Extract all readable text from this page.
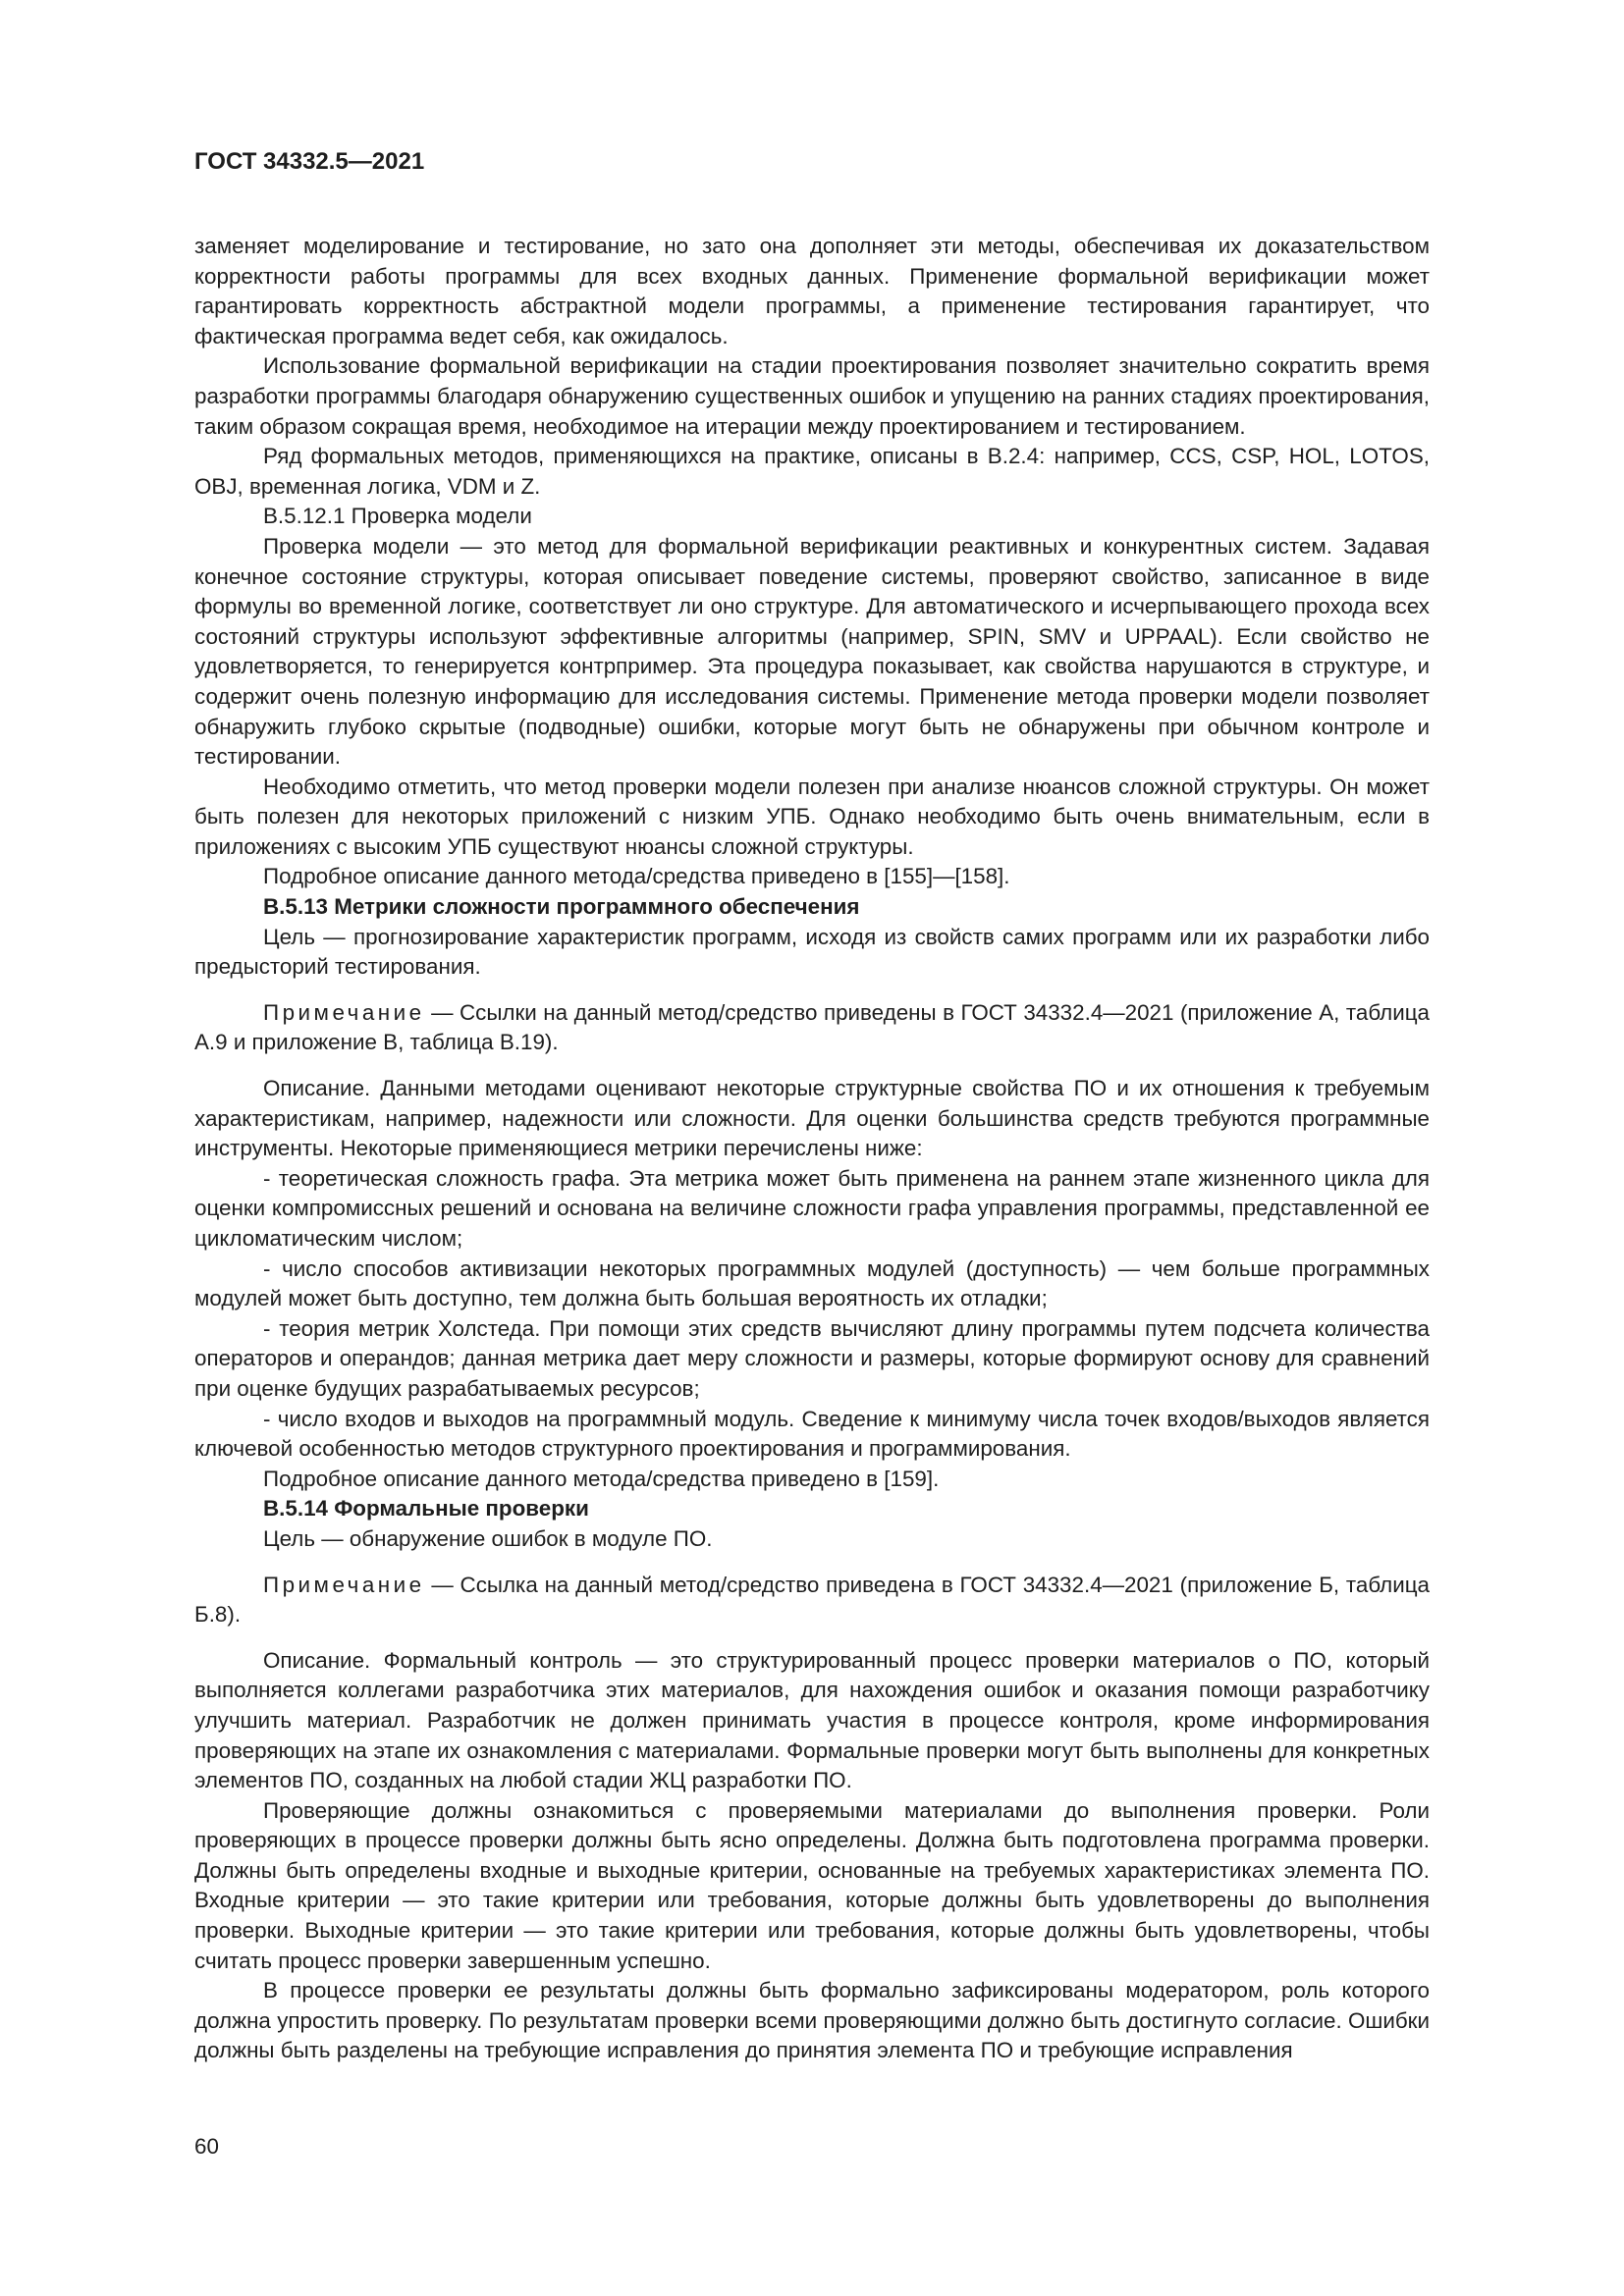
ГОСТ 34332.5—2021

заменяет моделирование и тестирование, но зато она дополняет эти методы, обеспечивая их доказательством корректности работы программы для всех входных данных. Применение формальной верификации может гарантировать корректность абстрактной модели программы, а применение тестирования гарантирует, что фактическая программа ведет себя, как ожидалось.

Использование формальной верификации на стадии проектирования позволяет значительно сократить время разработки программы благодаря обнаружению существенных ошибок и упущению на ранних стадиях проектирования, таким образом сокращая время, необходимое на итерации между проектированием и тестированием.

Ряд формальных методов, применяющихся на практике, описаны в В.2.4: например, CCS, CSP, HOL, LOTOS, OBJ, временная логика, VDM и Z.

В.5.12.1 Проверка модели

Проверка модели — это метод для формальной верификации реактивных и конкурентных систем. Задавая конечное состояние структуры, которая описывает поведение системы, проверяют свойство, записанное в виде формулы во временной логике, соответствует ли оно структуре. Для автоматического и исчерпывающего прохода всех состояний структуры используют эффективные алгоритмы (например, SPIN, SMV и UPPAAL). Если свойство не удовлетворяется, то генерируется контрпример. Эта процедура показывает, как свойства нарушаются в структуре, и содержит очень полезную информацию для исследования системы. Применение метода проверки модели позволяет обнаружить глубоко скрытые (подводные) ошибки, которые могут быть не обнаружены при обычном контроле и тестировании.

Необходимо отметить, что метод проверки модели полезен при анализе нюансов сложной структуры. Он может быть полезен для некоторых приложений с низким УПБ. Однако необходимо быть очень внимательным, если в приложениях с высоким УПБ существуют нюансы сложной структуры.

Подробное описание данного метода/средства приведено в [155]—[158].

В.5.13 Метрики сложности программного обеспечения

Цель — прогнозирование характеристик программ, исходя из свойств самих программ или их разработки либо предысторий тестирования.

Примечание — Ссылки на данный метод/средство приведены в ГОСТ 34332.4—2021 (приложение А, таблица А.9 и приложение В, таблица В.19).

Описание. Данными методами оценивают некоторые структурные свойства ПО и их отношения к требуемым характеристикам, например, надежности или сложности. Для оценки большинства средств требуются программные инструменты. Некоторые применяющиеся метрики перечислены ниже:

- теоретическая сложность графа. Эта метрика может быть применена на раннем этапе жизненного цикла для оценки компромиссных решений и основана на величине сложности графа управления программы, представленной ее цикломатическим числом;

- число способов активизации некоторых программных модулей (доступность) — чем больше программных модулей может быть доступно, тем должна быть большая вероятность их отладки;

- теория метрик Холстеда. При помощи этих средств вычисляют длину программы путем подсчета количества операторов и операндов; данная метрика дает меру сложности и размеры, которые формируют основу для сравнений при оценке будущих разрабатываемых ресурсов;

- число входов и выходов на программный модуль. Сведение к минимуму числа точек входов/выходов является ключевой особенностью методов структурного проектирования и программирования.

Подробное описание данного метода/средства приведено в [159].

В.5.14 Формальные проверки

Цель — обнаружение ошибок в модуле ПО.

Примечание — Ссылка на данный метод/средство приведена в ГОСТ 34332.4—2021 (приложение Б, таблица Б.8).

Описание. Формальный контроль — это структурированный процесс проверки материалов о ПО, который выполняется коллегами разработчика этих материалов, для нахождения ошибок и оказания помощи разработчику улучшить материал. Разработчик не должен принимать участия в процессе контроля, кроме информирования проверяющих на этапе их ознакомления с материалами. Формальные проверки могут быть выполнены для конкретных элементов ПО, созданных на любой стадии ЖЦ разработки ПО.

Проверяющие должны ознакомиться с проверяемыми материалами до выполнения проверки. Роли проверяющих в процессе проверки должны быть ясно определены. Должна быть подготовлена программа проверки. Должны быть определены входные и выходные критерии, основанные на требуемых характеристиках элемента ПО. Входные критерии — это такие критерии или требования, которые должны быть удовлетворены до выполнения проверки. Выходные критерии — это такие критерии или требования, которые должны быть удовлетворены, чтобы считать процесс проверки завершенным успешно.

В процессе проверки ее результаты должны быть формально зафиксированы модератором, роль которого должна упростить проверку. По результатам проверки всеми проверяющими должно быть достигнуто согласие. Ошибки должны быть разделены на требующие исправления до принятия элемента ПО и требующие исправления

60
